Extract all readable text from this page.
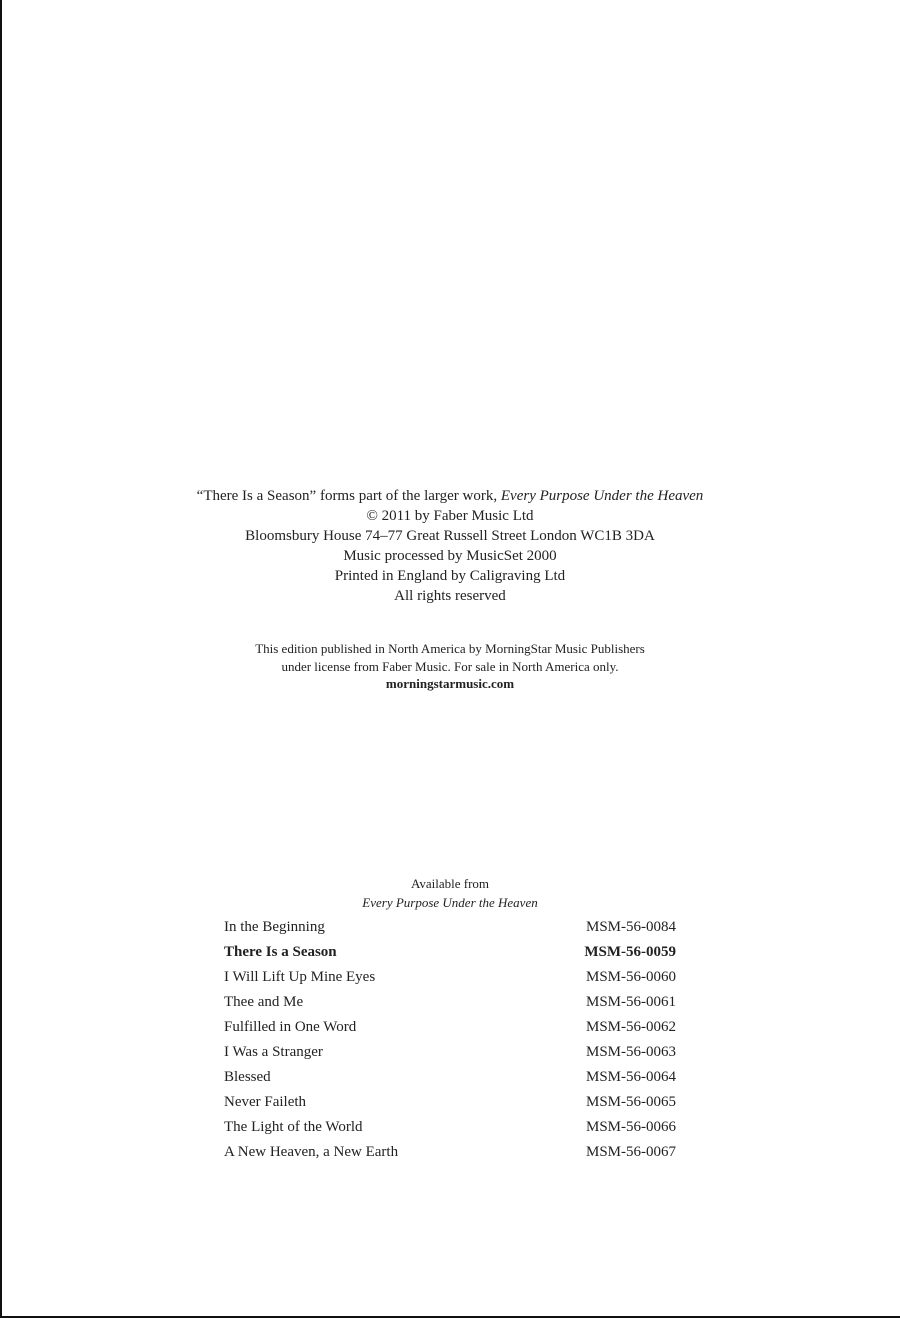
“There Is a Season” forms part of the larger work, Every Purpose Under the Heaven
© 2011 by Faber Music Ltd
Bloomsbury House 74–77 Great Russell Street London WC1B 3DA
Music processed by MusicSet 2000
Printed in England by Caligraving Ltd
All rights reserved
This edition published in North America by MorningStar Music Publishers
under license from Faber Music. For sale in North America only.
morningstarmusic.com
Available from
Every Purpose Under the Heaven
In the Beginning	MSM-56-0084
There Is a Season	MSM-56-0059
I Will Lift Up Mine Eyes	MSM-56-0060
Thee and Me	MSM-56-0061
Fulfilled in One Word	MSM-56-0062
I Was a Stranger	MSM-56-0063
Blessed	MSM-56-0064
Never Faileth	MSM-56-0065
The Light of the World	MSM-56-0066
A New Heaven, a New Earth	MSM-56-0067
